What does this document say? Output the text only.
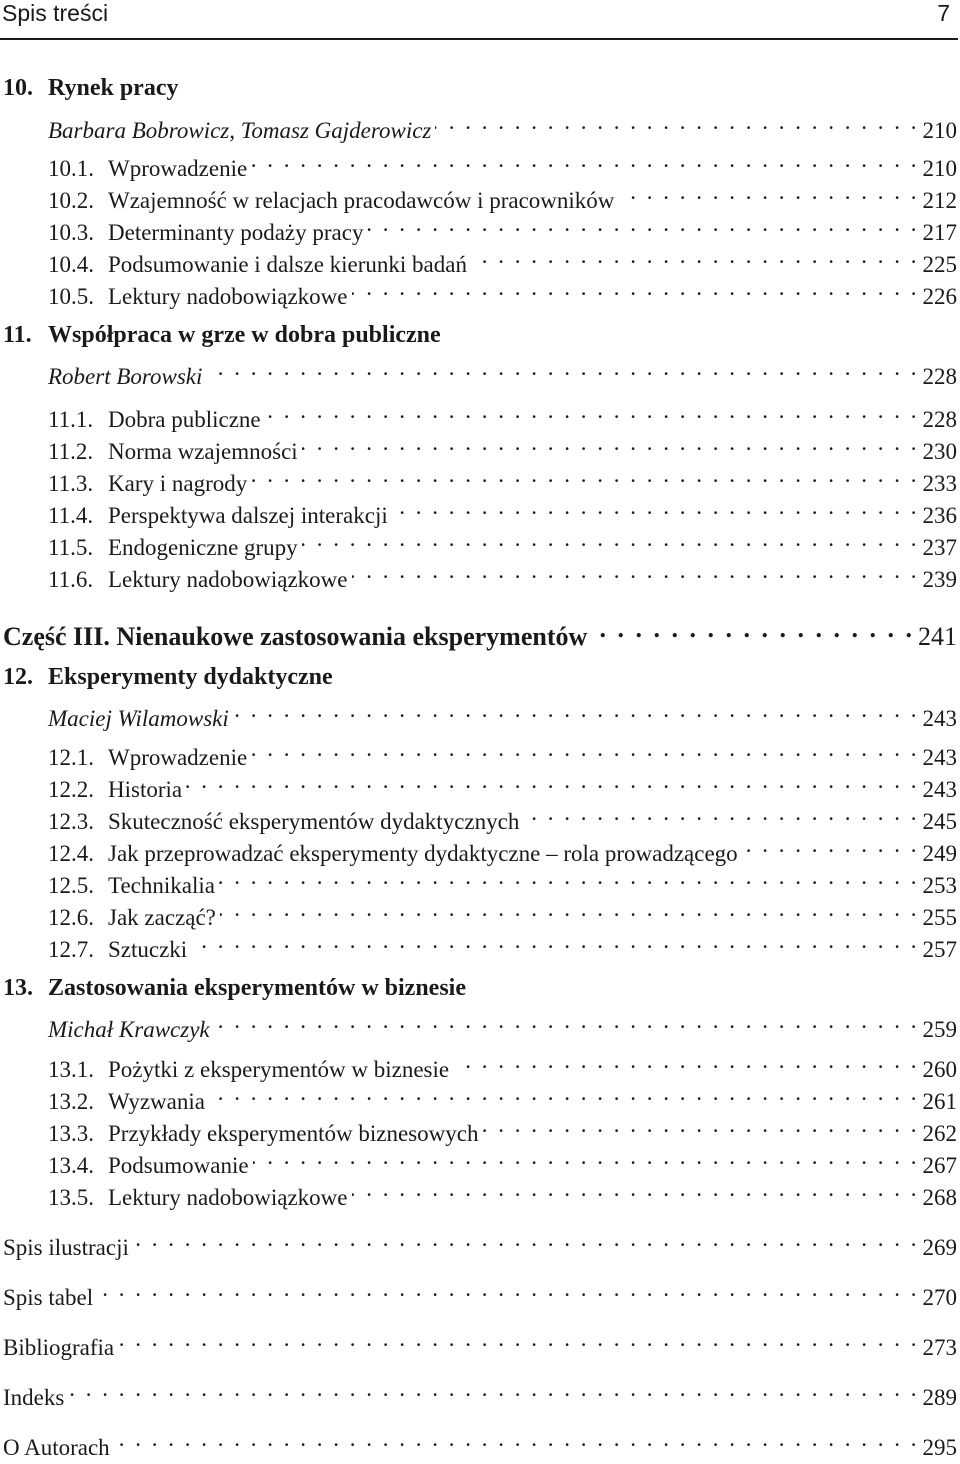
Spis treści	7
10. Rynek pracy
Barbara Bobrowicz, Tomasz Gajderowicz . . .	210
10.1. Wprowadzenie . . .	210
10.2. Wzajemność w relacjach pracodawców i pracowników . . .	212
10.3. Determinanty podaży pracy . . .	217
10.4. Podsumowanie i dalsze kierunki badań . . .	225
10.5. Lektury nadobowiązkowe . . .	226
11. Współpraca w grze w dobra publiczne
Robert Borowski . . .	228
11.1. Dobra publiczne . . .	228
11.2. Norma wzajemności . . .	230
11.3. Kary i nagrody . . .	233
11.4. Perspektywa dalszej interakcji . . .	236
11.5. Endogeniczne grupy . . .	237
11.6. Lektury nadobowiązkowe . . .	239
Część III. Nienaukowe zastosowania eksperymentów . . .	241
12. Eksperymenty dydaktyczne
Maciej Wilamowski . . .	243
12.1. Wprowadzenie . . .	243
12.2. Historia . . .	243
12.3. Skuteczność eksperymentów dydaktycznych . . .	245
12.4. Jak przeprowadzać eksperymenty dydaktyczne – rola prowadzącego . . .	249
12.5. Technikalia . . .	253
12.6. Jak zacząć? . . .	255
12.7. Sztuczki . . .	257
13. Zastosowania eksperymentów w biznesie
Michał Krawczyk . . .	259
13.1. Pożytki z eksperymentów w biznesie . . .	260
13.2. Wyzwania . . .	261
13.3. Przykłady eksperymentów biznesowych . . .	262
13.4. Podsumowanie . . .	267
13.5. Lektury nadobowiązkowe . . .	268
Spis ilustracji . . .	269
Spis tabel . . .	270
Bibliografia . . .	273
Indeks . . .	289
O Autorach . . .	295
